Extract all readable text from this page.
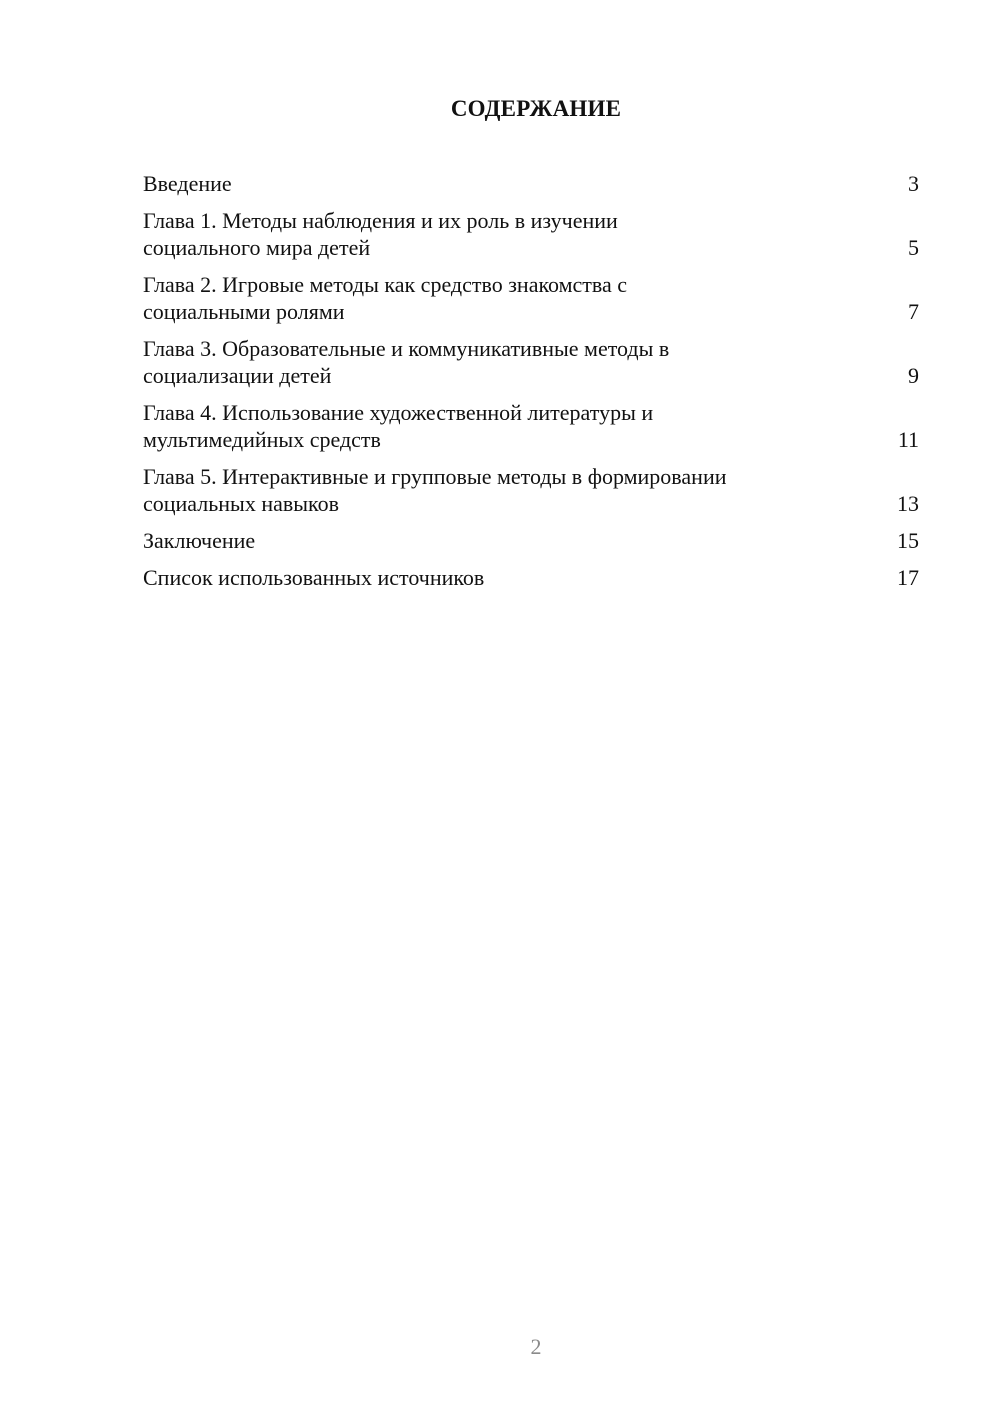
СОДЕРЖАНИЕ
Введение	3
Глава 1. Методы наблюдения и их роль в изучении
социального мира детей	5
Глава 2. Игровые методы как средство знакомства с
социальными ролями	7
Глава 3. Образовательные и коммуникативные методы в
социализации детей	9
Глава 4. Использование художественной литературы и
мультимедийных средств	11
Глава 5. Интерактивные и групповые методы в формировании
социальных навыков	13
Заключение	15
Список использованных источников	17
2
